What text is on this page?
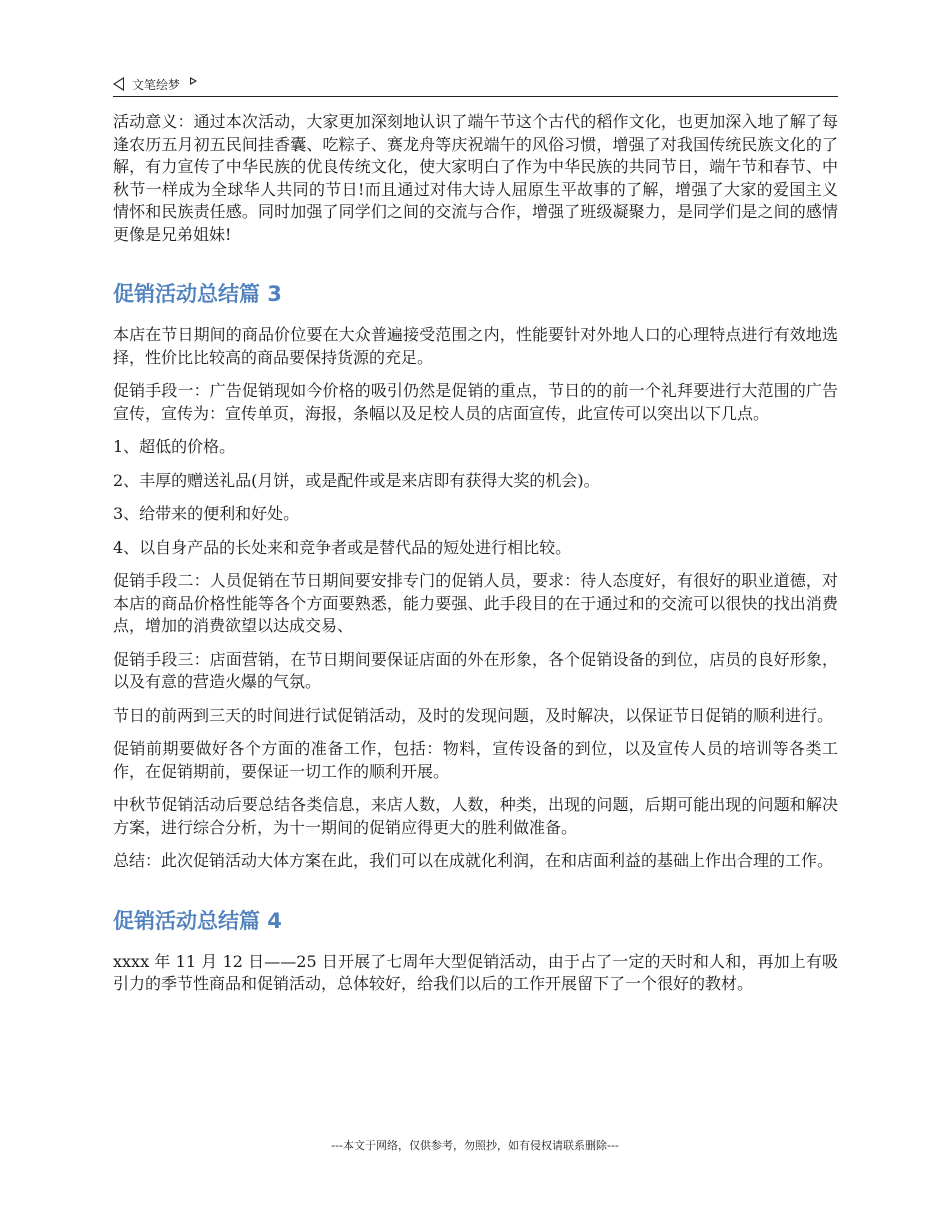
文笔绘梦

活动意义：通过本次活动，大家更加深刻地认识了端午节这个古代的稻作文化，也更加深入地了解了每逢农历五月初五民间挂香囊、吃粽子、赛龙舟等庆祝端午的风俗习惯，增强了对我国传统民族文化的了解，有力宣传了中华民族的优良传统文化，使大家明白了作为中华民族的共同节日，端午节和春节、中秋节一样成为全球华人共同的节日!而且通过对伟大诗人屈原生平故事的了解，增强了大家的爱国主义情怀和民族责任感。同时加强了同学们之间的交流与合作，增强了班级凝聚力，是同学们是之间的感情更像是兄弟姐妹!

促销活动总结篇 3

本店在节日期间的商品价位要在大众普遍接受范围之内，性能要针对外地人口的心理特点进行有效地选择，性价比比较高的商品要保持货源的充足。

促销手段一：广告促销现如今价格的吸引仍然是促销的重点，节日的的前一个礼拜要进行大范围的广告宣传，宣传为：宣传单页，海报，条幅以及足校人员的店面宣传，此宣传可以突出以下几点。

1、超低的价格。

2、丰厚的赠送礼品(月饼，或是配件或是来店即有获得大奖的机会)。

3、给带来的便利和好处。

4、以自身产品的长处来和竞争者或是替代品的短处进行相比较。

促销手段二：人员促销在节日期间要安排专门的促销人员，要求：待人态度好，有很好的职业道德，对本店的商品价格性能等各个方面要熟悉，能力要强、此手段目的在于通过和的交流可以很快的找出消费点，增加的消费欲望以达成交易、

促销手段三：店面营销，在节日期间要保证店面的外在形象，各个促销设备的到位，店员的良好形象，以及有意的营造火爆的气氛。

节日的前两到三天的时间进行试促销活动，及时的发现问题，及时解决，以保证节日促销的顺利进行。

促销前期要做好各个方面的准备工作，包括：物料，宣传设备的到位，以及宣传人员的培训等各类工作，在促销期前，要保证一切工作的顺利开展。

中秋节促销活动后要总结各类信息，来店人数，人数，种类，出现的问题，后期可能出现的问题和解决方案，进行综合分析，为十一期间的促销应得更大的胜利做准备。

总结：此次促销活动大体方案在此，我们可以在成就化利润，在和店面利益的基础上作出合理的工作。

促销活动总结篇 4

xxxx 年 11 月 12 日——25 日开展了七周年大型促销活动，由于占了一定的天时和人和，再加上有吸引力的季节性商品和促销活动，总体较好，给我们以后的工作开展留下了一个很好的教材。

---本文于网络，仅供参考，勿照抄，如有侵权请联系删除---
